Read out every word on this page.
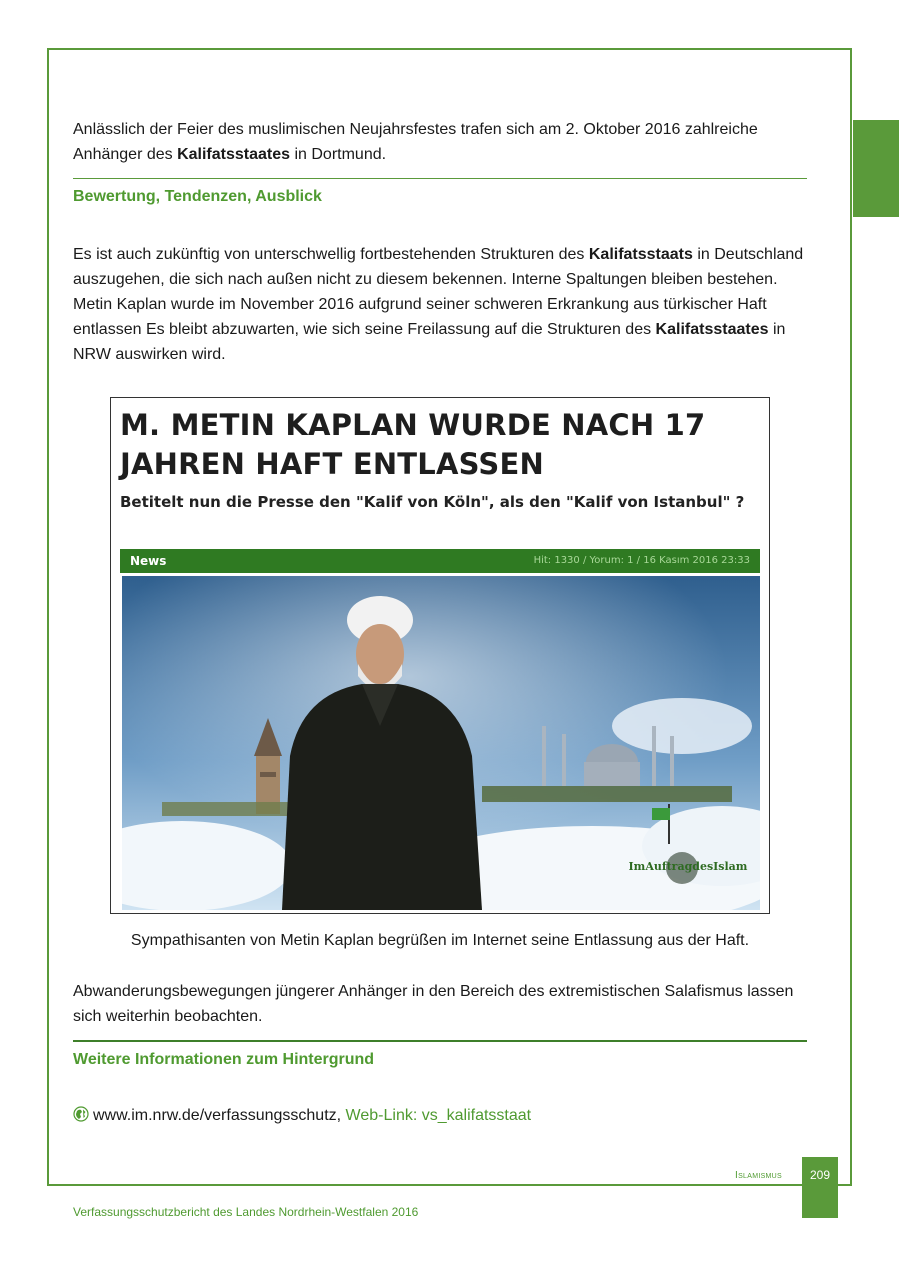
Anlässlich der Feier des muslimischen Neujahrsfestes trafen sich am 2. Oktober 2016 zahlreiche Anhänger des Kalifatsstaates in Dortmund.

Bewertung, Tendenzen, Ausblick

Es ist auch zukünftig von unterschwellig fortbestehenden Strukturen des Kalifatsstaats in Deutschland auszugehen, die sich nach außen nicht zu diesem bekennen. Interne Spaltungen bleiben bestehen. Metin Kaplan wurde im November 2016 aufgrund seiner schweren Erkrankung aus türkischer Haft entlassen Es bleibt abzuwarten, wie sich seine Freilassung auf die Strukturen des Kalifatsstaates in NRW auswirken wird.

M. METIN KAPLAN WURDE NACH 17 JAHREN HAFT ENTLASSEN
Betitelt nun die Presse den "Kalif von Köln", als den "Kalif von Istanbul" ?
News	Hit: 1330 / Yorum: 1 / 16 Kasım 2016 23:33
ImAuftragdesIslam

Sympathisanten von Metin Kaplan begrüßen im Internet seine Entlassung aus der Haft.

Abwanderungsbewegungen jüngerer Anhänger in den Bereich des extremistischen Salafismus lassen sich weiterhin beobachten.

Weitere Informationen zum Hintergrund
www.im.nrw.de/verfassungsschutz, Web-Link: vs_kalifatsstaat
Islamismus	209
Verfassungsschutzbericht des Landes Nordrhein-Westfalen 2016
